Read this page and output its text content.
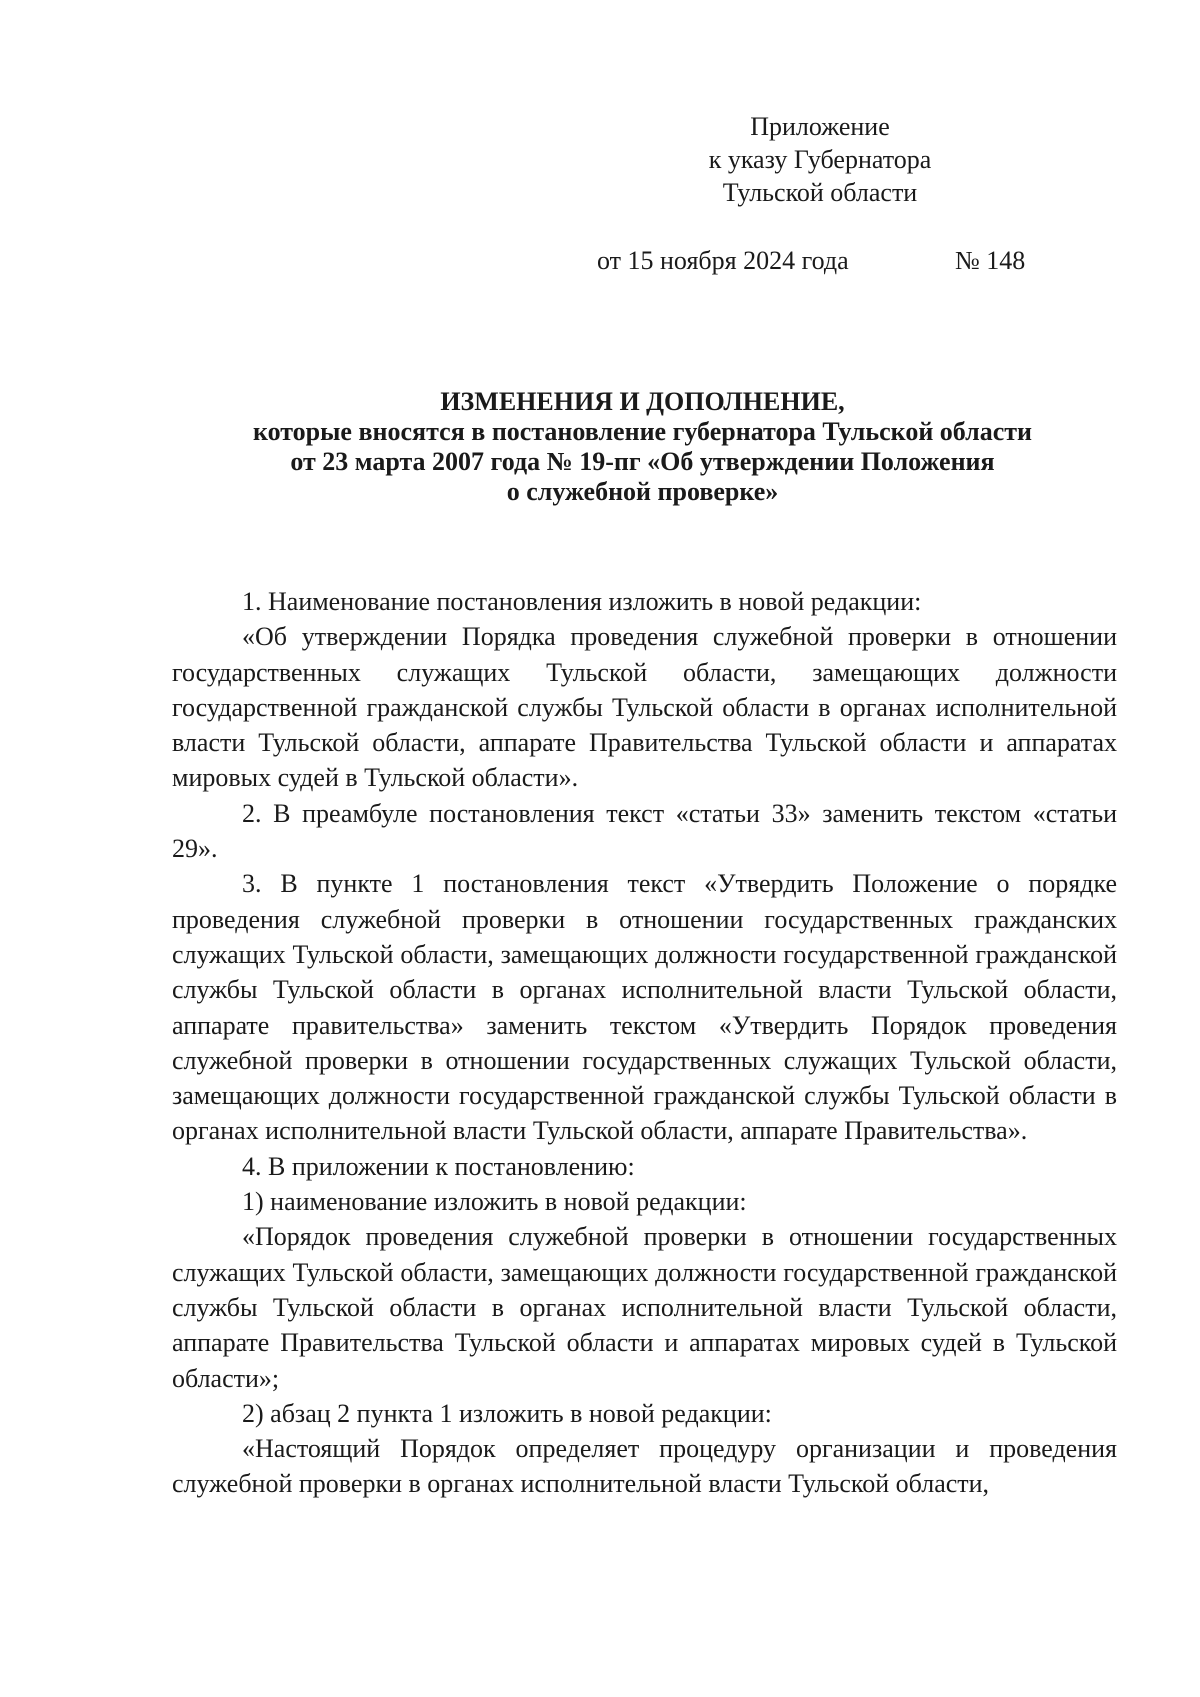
Приложение
к указу Губернатора
Тульской области
от 15 ноября 2024 года	№ 148
ИЗМЕНЕНИЯ И ДОПОЛНЕНИЕ,
которые вносятся в постановление губернатора Тульской области
от 23 марта 2007 года № 19-пг «Об утверждении Положения
о служебной проверке»

1. Наименование постановления изложить в новой редакции:

«Об утверждении Порядка проведения служебной проверки в отношении государственных служащих Тульской области, замещающих должности государственной гражданской службы Тульской области в органах исполнительной власти Тульской области, аппарате Правительства Тульской области и аппаратах мировых судей в Тульской области».

2. В преамбуле постановления текст «статьи 33» заменить текстом «статьи 29».

3. В пункте 1 постановления текст «Утвердить Положение о порядке проведения служебной проверки в отношении государственных гражданских служащих Тульской области, замещающих должности государственной гражданской службы Тульской области в органах исполнительной власти Тульской области, аппарате правительства» заменить текстом «Утвердить Порядок проведения служебной проверки в отношении государственных служащих Тульской области, замещающих должности государственной гражданской службы Тульской области в органах исполнительной власти Тульской области, аппарате Правительства».

4. В приложении к постановлению:

1) наименование изложить в новой редакции:

«Порядок проведения служебной проверки в отношении государственных служащих Тульской области, замещающих должности государственной гражданской службы Тульской области в органах исполнительной власти Тульской области, аппарате Правительства Тульской области и аппаратах мировых судей в Тульской области»;

2) абзац 2 пункта 1 изложить в новой редакции:

«Настоящий Порядок определяет процедуру организации и проведения служебной проверки в органах исполнительной власти Тульской области,
